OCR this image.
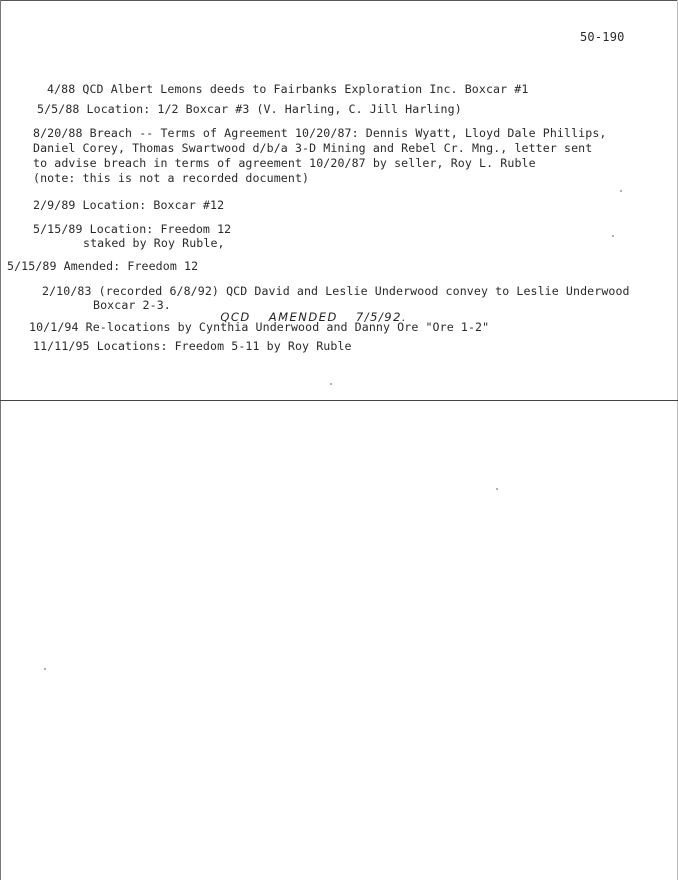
50-190
4/88 QCD Albert Lemons deeds to Fairbanks Exploration Inc. Boxcar #1
5/5/88 Location: 1/2 Boxcar #3 (V. Harling, C. Jill Harling)
8/20/88 Breach -- Terms of Agreement 10/20/87: Dennis Wyatt, Lloyd Dale Phillips,
Daniel Corey, Thomas Swartwood d/b/a 3-D Mining and Rebel Cr. Mng., letter sent
to advise breach in terms of agreement 10/20/87 by seller, Roy L. Ruble
(note: this is not a recorded document)
2/9/89 Location: Boxcar #12
5/15/89 Location: Freedom 12
staked by Roy Ruble,
5/15/89 Amended: Freedom 12
2/10/83 (recorded 6/8/92) QCD David and Leslie Underwood convey to Leslie Underwood
Boxcar 2-3.

QCD AMENDED 7/5/92.

10/1/94 Re-locations by Cynthia Underwood and Danny Ore "Ore 1-2"
11/11/95 Locations: Freedom 5-11 by Roy Ruble
